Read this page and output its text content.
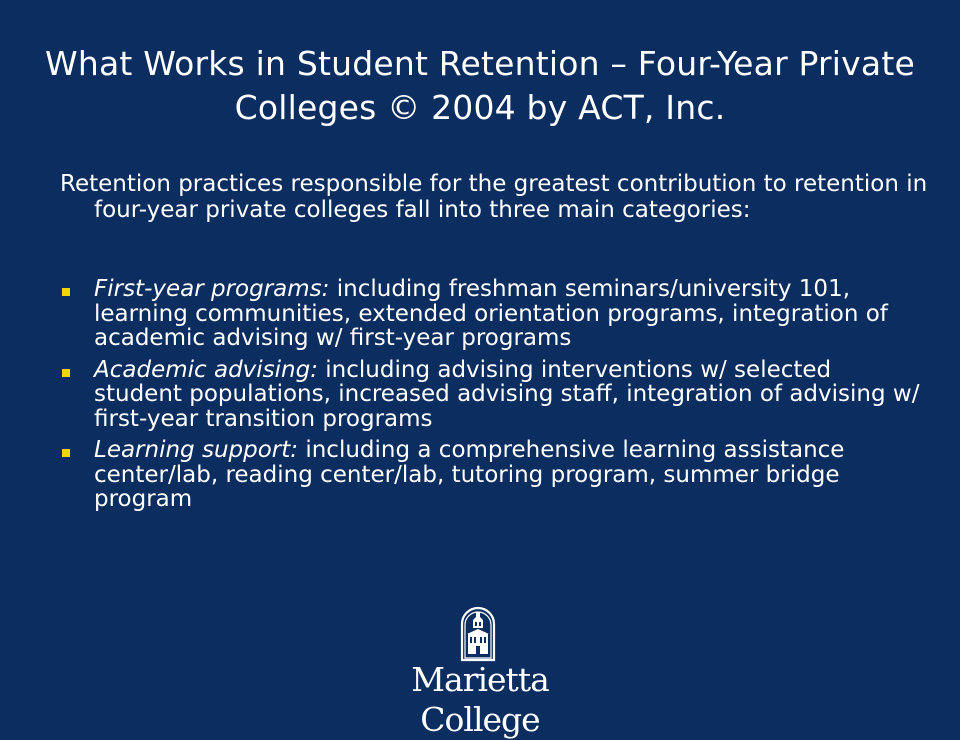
What Works in Student Retention – Four-Year Private Colleges © 2004 by ACT, Inc.

Retention practices responsible for the greatest contribution to retention in four-year private colleges fall into three main categories:

First-year programs: including freshman seminars/university 101, learning communities, extended orientation programs, integration of academic advising w/ first-year programs
Academic advising: including advising interventions w/ selected student populations, increased advising staff, integration of advising w/ first-year transition programs
Learning support: including a comprehensive learning assistance center/lab, reading center/lab, tutoring program, summer bridge program
Marietta College
